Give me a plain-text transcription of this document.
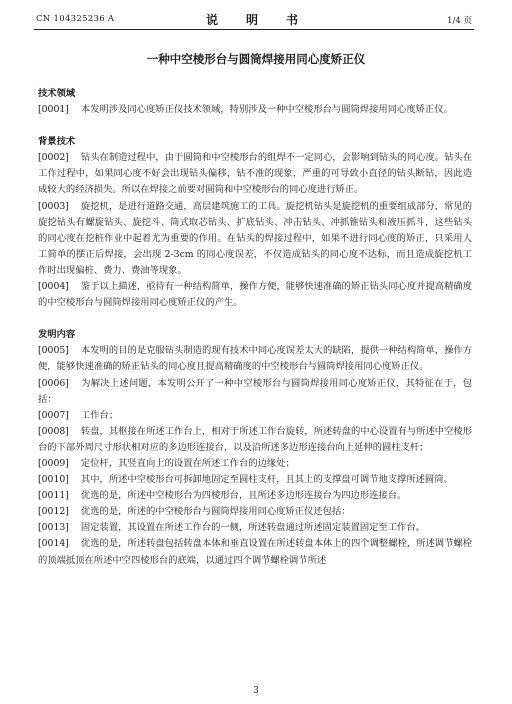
CN 104325236 A	说　明　书	1/4 页
一种中空棱形台与圆筒焊接用同心度矫正仪
技术领域
[0001] 本发明涉及同心度矫正仪技术领域，特别涉及一种中空棱形台与圆筒焊接用同心度矫正仪。
背景技术
[0002] 钻头在制造过程中，由于圆筒和中空棱形台的组焊不一定同心，会影响到钻头的同心度。钻头在工作过程中，如果同心度不好会出现钻头偏移，钻不准的现象，严重的可导致小直径的钻头断钻，因此造成较大的经济损失。所以在焊接之前要对圆筒和中空棱形台的同心度进行矫正。
[0003] 旋挖机，是进行道路交通，高层建筑施工的工具。旋挖机钻头是旋挖机的重要组成部分，常见的旋挖钻头有螺旋钻头、旋挖斗、筒式取芯钻头、扩底钻头、冲击钻头、冲抓锥钻头和液压抓斗，这些钻头的同心度在挖桩作业中起着尤为重要的作用。在钻头的焊接过程中，如果不进行同心度的矫正，只采用人工简单的摆正后焊接，会出现 2-3cm 的同心度误差，不仅造成钻头的同心度不达标，而且造成旋挖机工作时出现偏桩、费力、费油等现象。
[0004] 鉴于以上描述，亟待有一种结构简单，操作方便，能够快速准确的矫正钻头同心度并提高精确度的中空棱形台与圆筒焊接用同心度矫正仪的产生。
发明内容
[0005] 本发明的目的是克服钻头制造的现有技术中同心度误差太大的缺陷，提供一种结构简单，操作方便，能够快速准确的矫正钻头的同心度且提高精确度的中空棱形台与圆筒焊接用同心度矫正仪。
[0006] 为解决上述问题，本发明公开了一种中空棱形台与圆筒焊接用同心度矫正仪，其特征在于，包括：
[0007] 工作台；
[0008] 转盘，其枢接在所述工作台上，相对于所述工作台旋转，所述转盘的中心设置有与所述中空棱形台的下部外周尺寸形状相对应的多边形连接台，以及沿所述多边形连接台向上延伸的圆柱支杆；
[0009] 定位杆，其竖直向上的设置在所述工作台的边缘处；
[0010] 其中，所述中空棱形台可拆卸地固定至圆柱支杆，且其上的支撑盘可调节地支撑所述圆筒。
[0011] 优选的是，所述中空棱形台为四棱形台，且所述多边形连接台为四边形连接台。
[0012] 优选的是，所述的中空棱形台与圆筒焊接用同心度矫正仪还包括：
[0013] 固定装置，其设置在所述工作台的一侧，所述转盘通过所述固定装置固定至工作台。
[0014] 优选的是，所述转盘包括转盘本体和垂直设置在所述转盘本体上的四个调整螺栓，所述调节螺栓的顶端抵顶在所述中空四棱形台的底端，以通过四个调节螺栓调节所述
3
